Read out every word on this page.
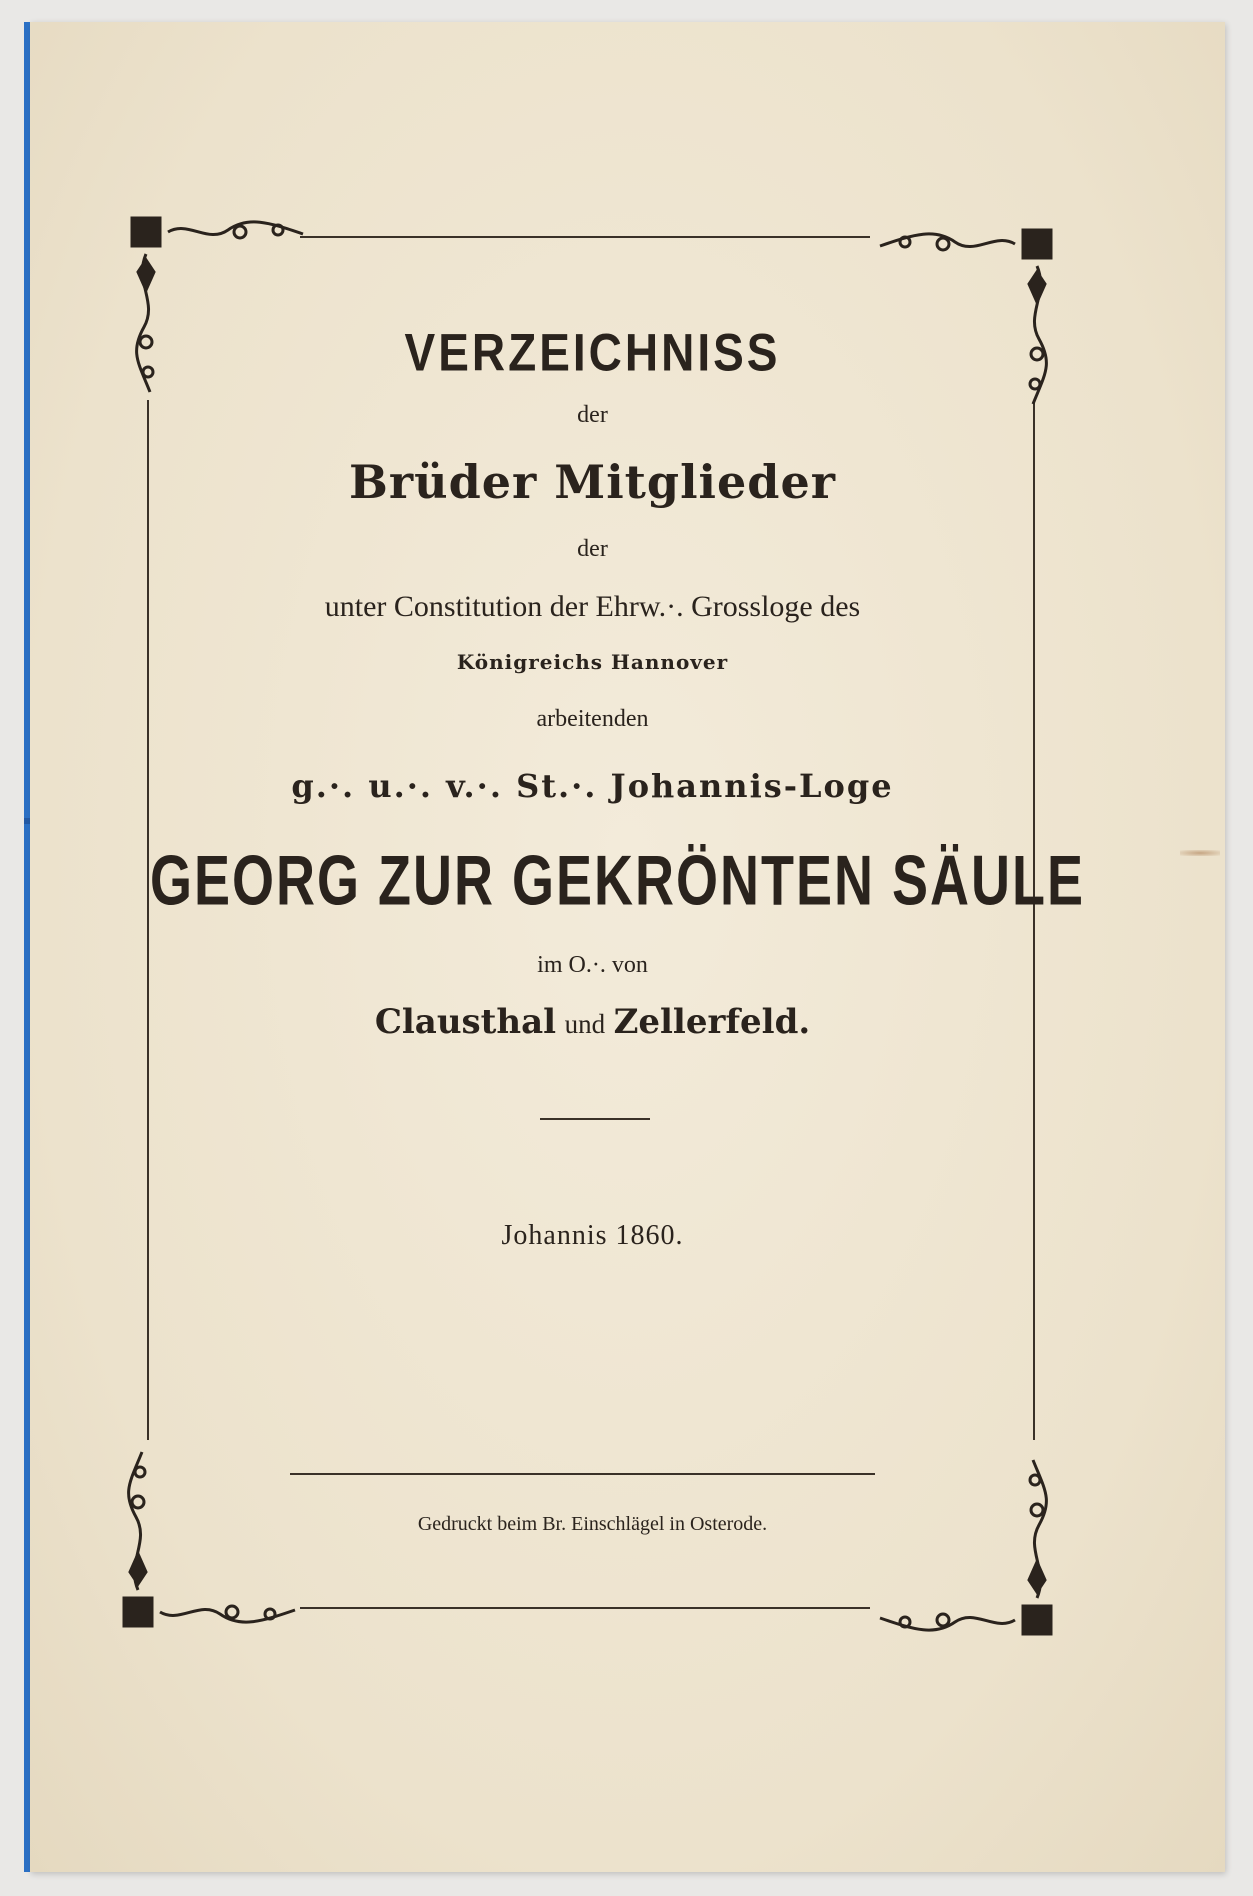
VERZEICHNISS
der
Brüder Mitglieder
der
unter Constitution der Ehrw.·. Grossloge des
Königreichs Hannover
arbeitenden
g.·. u.·. v.·. St.·. Johannis-Loge
GEORG ZUR GEKRÖNTEN SÄULE
im O.·. von
Clausthal und Zellerfeld.
Johannis 1860.
Gedruckt beim Br. Einschlägel in Osterode.
